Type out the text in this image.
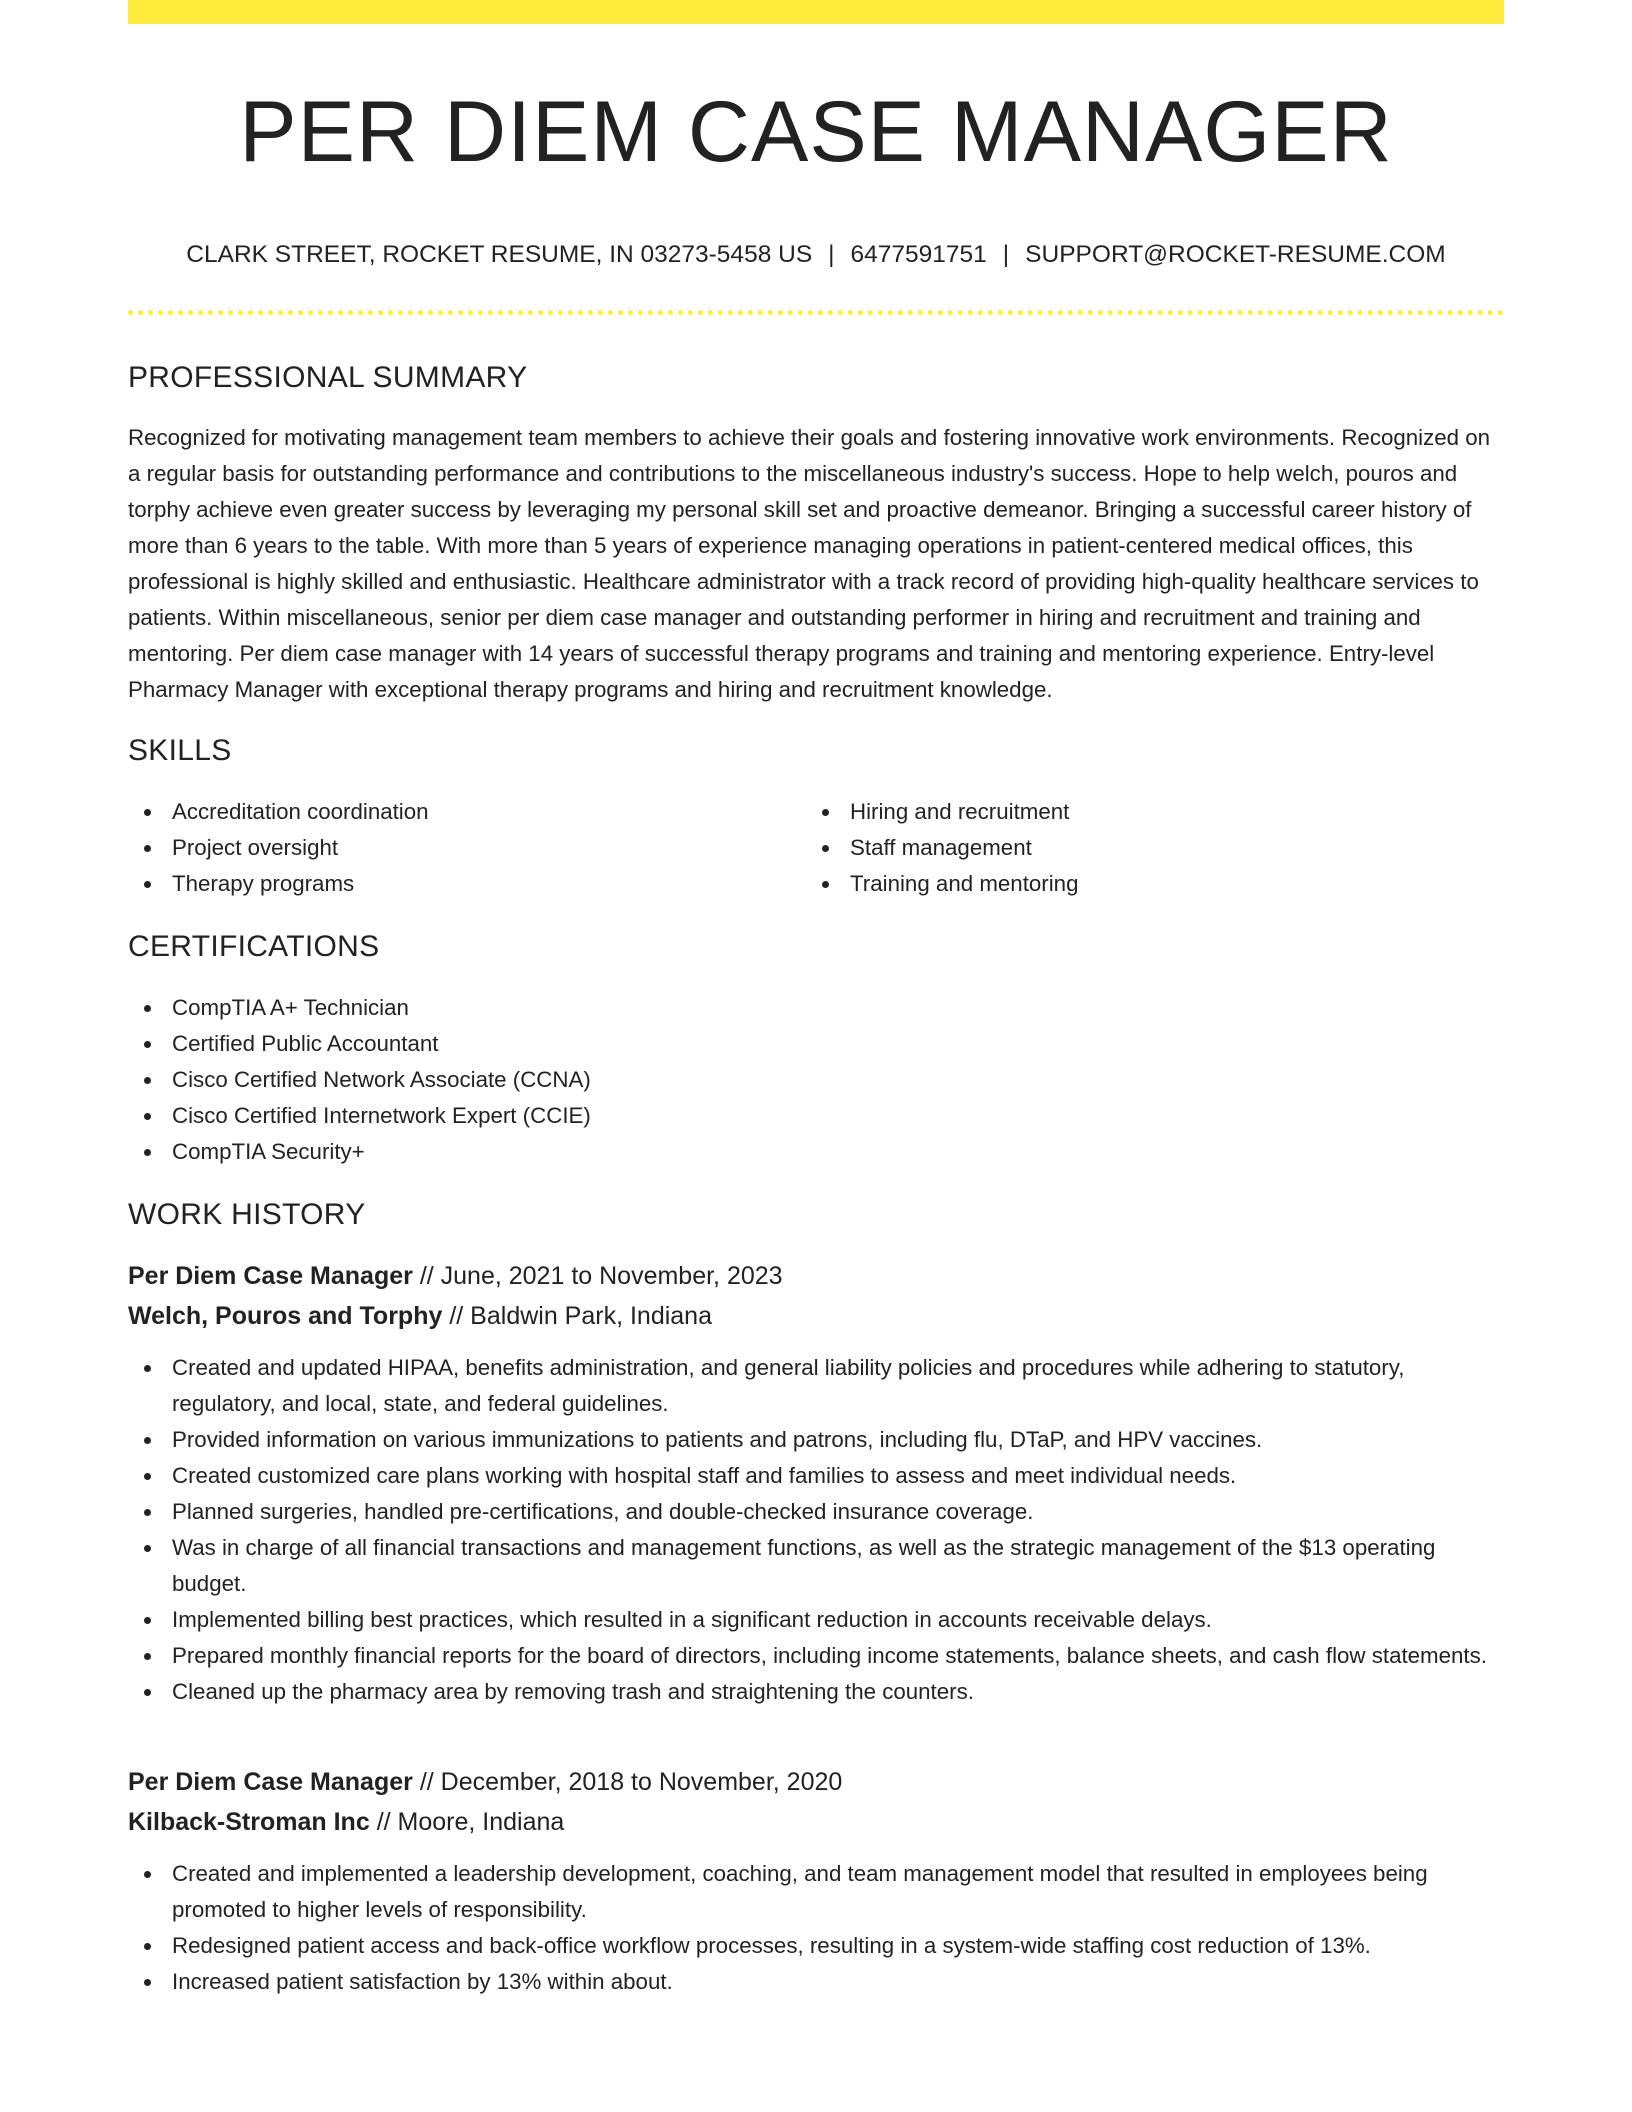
PER DIEM CASE MANAGER
CLARK STREET, ROCKET RESUME, IN 03273-5458 US | 6477591751 | SUPPORT@ROCKET-RESUME.COM
PROFESSIONAL SUMMARY

Recognized for motivating management team members to achieve their goals and fostering innovative work environments. Recognized on a regular basis for outstanding performance and contributions to the miscellaneous industry's success. Hope to help welch, pouros and torphy achieve even greater success by leveraging my personal skill set and proactive demeanor. Bringing a successful career history of more than 6 years to the table. With more than 5 years of experience managing operations in patient-centered medical offices, this professional is highly skilled and enthusiastic. Healthcare administrator with a track record of providing high-quality healthcare services to patients. Within miscellaneous, senior per diem case manager and outstanding performer in hiring and recruitment and training and mentoring. Per diem case manager with 14 years of successful therapy programs and training and mentoring experience. Entry-level Pharmacy Manager with exceptional therapy programs and hiring and recruitment knowledge.

SKILLS
Accreditation coordination
Project oversight
Therapy programs
Hiring and recruitment
Staff management
Training and mentoring
CERTIFICATIONS
CompTIA A+ Technician
Certified Public Accountant
Cisco Certified Network Associate (CCNA)
Cisco Certified Internetwork Expert (CCIE)
CompTIA Security+
WORK HISTORY
Per Diem Case Manager // June, 2021 to November, 2023
Welch, Pouros and Torphy // Baldwin Park, Indiana
Created and updated HIPAA, benefits administration, and general liability policies and procedures while adhering to statutory, regulatory, and local, state, and federal guidelines.
Provided information on various immunizations to patients and patrons, including flu, DTaP, and HPV vaccines.
Created customized care plans working with hospital staff and families to assess and meet individual needs.
Planned surgeries, handled pre-certifications, and double-checked insurance coverage.
Was in charge of all financial transactions and management functions, as well as the strategic management of the $13 operating budget.
Implemented billing best practices, which resulted in a significant reduction in accounts receivable delays.
Prepared monthly financial reports for the board of directors, including income statements, balance sheets, and cash flow statements.
Cleaned up the pharmacy area by removing trash and straightening the counters.
Per Diem Case Manager // December, 2018 to November, 2020
Kilback-Stroman Inc // Moore, Indiana
Created and implemented a leadership development, coaching, and team management model that resulted in employees being promoted to higher levels of responsibility.
Redesigned patient access and back-office workflow processes, resulting in a system-wide staffing cost reduction of 13%.
Increased patient satisfaction by 13% within about.
